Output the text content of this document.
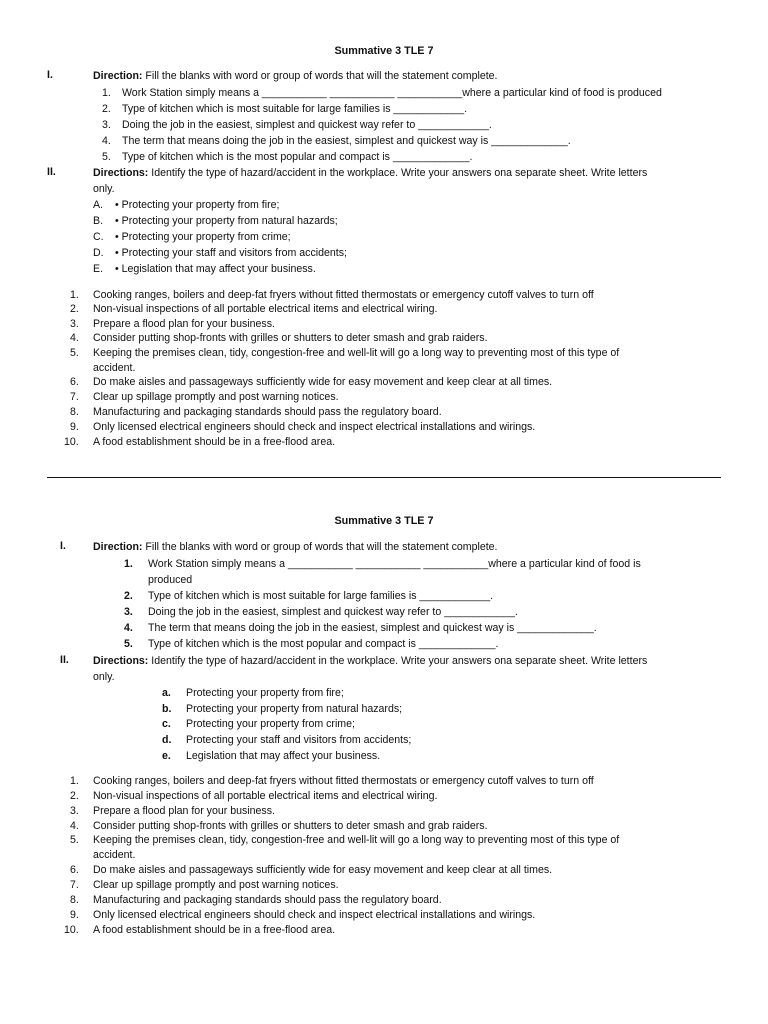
Summative 3 TLE 7
I.	Direction: Fill the blanks with word or group of words that will the statement complete.
1. Work Station simply means a ___________ ___________ ___________where a particular kind of food is produced
2. Type of kitchen which is most suitable for large families is ____________.
3. Doing the job in the easiest, simplest and quickest way refer to ____________.
4. The term that means doing the job in the easiest, simplest and quickest way is _____________.
5. Type of kitchen which is the most popular and compact is _____________.
II.	Directions: Identify the type of hazard/accident in the workplace. Write your answers ona separate sheet. Write letters
only.
A. • Protecting your property from fire;
B. • Protecting your property from natural hazards;
C. • Protecting your property from crime;
D. • Protecting your staff and visitors from accidents;
E. • Legislation that may affect your business.
1. Cooking ranges, boilers and deep-fat fryers without fitted thermostats or emergency cutoff valves to turn off
2. Non-visual inspections of all portable electrical items and electrical wiring.
3. Prepare a flood plan for your business.
4. Consider putting shop-fronts with grilles or shutters to deter smash and grab raiders.
5. Keeping the premises clean, tidy, congestion-free and well-lit will go a long way to preventing most of this type of
accident.
6. Do make aisles and passageways sufficiently wide for easy movement and keep clear at all times.
7. Clear up spillage promptly and post warning notices.
8. Manufacturing and packaging standards should pass the regulatory board.
9. Only licensed electrical engineers should check and inspect electrical installations and wirings.
10. A food establishment should be in a free-flood area.
Summative 3 TLE 7
I.	Direction: Fill the blanks with word or group of words that will the statement complete.
1. Work Station simply means a ___________ ___________ ___________where a particular kind of food is
produced
2. Type of kitchen which is most suitable for large families is ____________.
3. Doing the job in the easiest, simplest and quickest way refer to ____________.
4. The term that means doing the job in the easiest, simplest and quickest way is _____________.
5. Type of kitchen which is the most popular and compact is _____________.
II. Directions: Identify the type of hazard/accident in the workplace. Write your answers ona separate sheet. Write letters
only.
a. Protecting your property from fire;
b. Protecting your property from natural hazards;
c. Protecting your property from crime;
d. Protecting your staff and visitors from accidents;
e. Legislation that may affect your business.
1. Cooking ranges, boilers and deep-fat fryers without fitted thermostats or emergency cutoff valves to turn off
2. Non-visual inspections of all portable electrical items and electrical wiring.
3. Prepare a flood plan for your business.
4. Consider putting shop-fronts with grilles or shutters to deter smash and grab raiders.
5. Keeping the premises clean, tidy, congestion-free and well-lit will go a long way to preventing most of this type of
accident.
6. Do make aisles and passageways sufficiently wide for easy movement and keep clear at all times.
7. Clear up spillage promptly and post warning notices.
8. Manufacturing and packaging standards should pass the regulatory board.
9. Only licensed electrical engineers should check and inspect electrical installations and wirings.
10. A food establishment should be in a free-flood area.
